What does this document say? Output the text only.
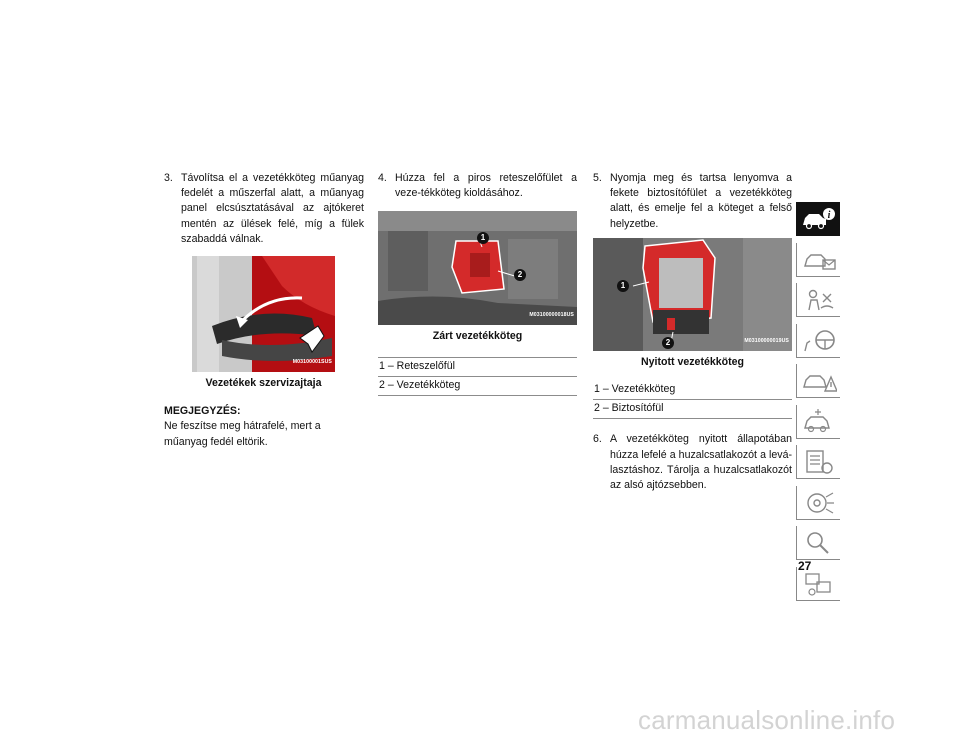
3. Távolítsa el a vezetékköteg műanyag fedelét a műszerfal alatt, a műanyag panel elcsúsztatásával az ajtókeret mentén az ülések felé, míg a fülek szabaddá válnak.
M03100001SUS
Vezetékek szervizajtaja
MEGJEGYZÉS:
Ne feszítse meg hátrafelé, mert a műanyag fedél eltörik.
4. Húzza fel a piros reteszelőfület a veze-tékköteg kioldásához.
1
2
M03100000018US
Zárt vezetékköteg
1 – Reteszelőfül
2 – Vezetékköteg
5. Nyomja meg és tartsa lenyomva a fekete biztosítófület a vezetékköteg alatt, és emelje fel a köteget a felső helyzetbe.
1
2	M03100000019US
Nyitott vezetékköteg
1 – Vezetékköteg
2 – Biztosítófül
6. A vezetékköteg nyitott állapotában húzza lefelé a huzalcsatlakozót a levá-lasztáshoz. Tárolja a huzalcsatlakozót az alsó ajtózsebben.
i
27
carmanualsonline.info
